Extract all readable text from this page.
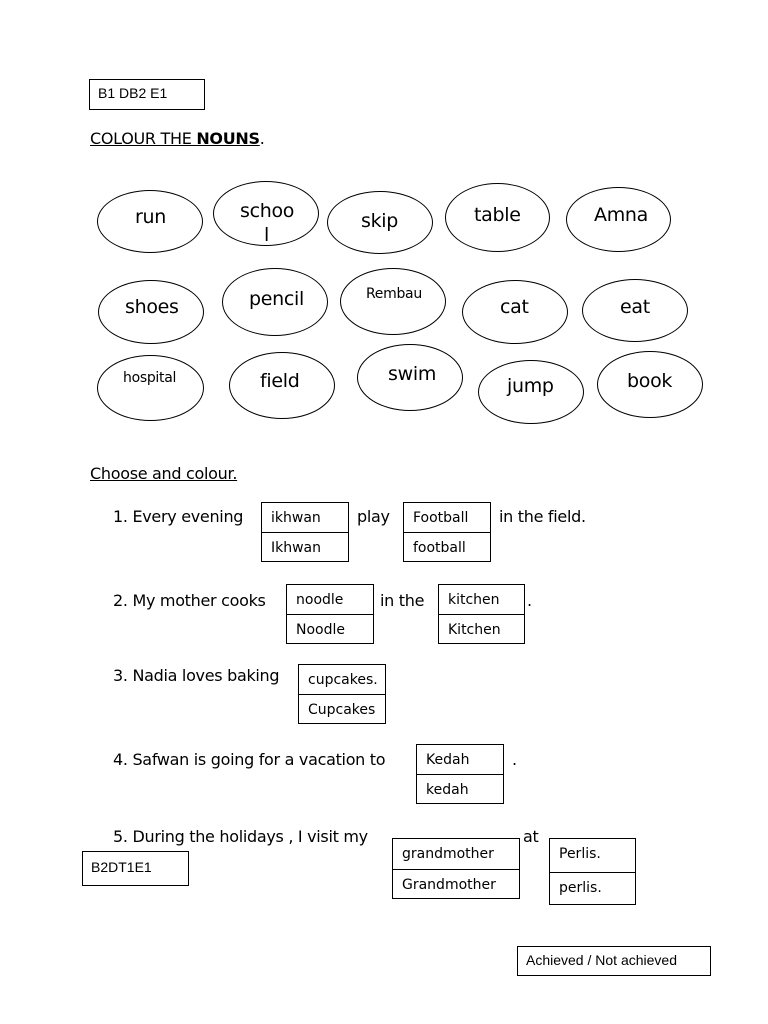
B1 DB2 E1
COLOUR THE NOUNS.
run	schoo
l
skip	table	Amna
shoes	pencil	Rembau
cat	eat
hospital	field	swim
jump	book
Choose and colour.
1. Every evening	ikhwan
Ikhwan
play	Football
football
in the field.
2. My mother cooks	noodle
Noodle
in the	kitchen
Kitchen
.
3. Nadia loves baking	cupcakes.
Cupcakes
4. Safwan is going for a vacation to	Kedah
kedah
.
5. During the holidays , I visit my
grandmother
Grandmother
at
Perlis.
perlis.
B2DT1E1
Achieved / Not achieved
